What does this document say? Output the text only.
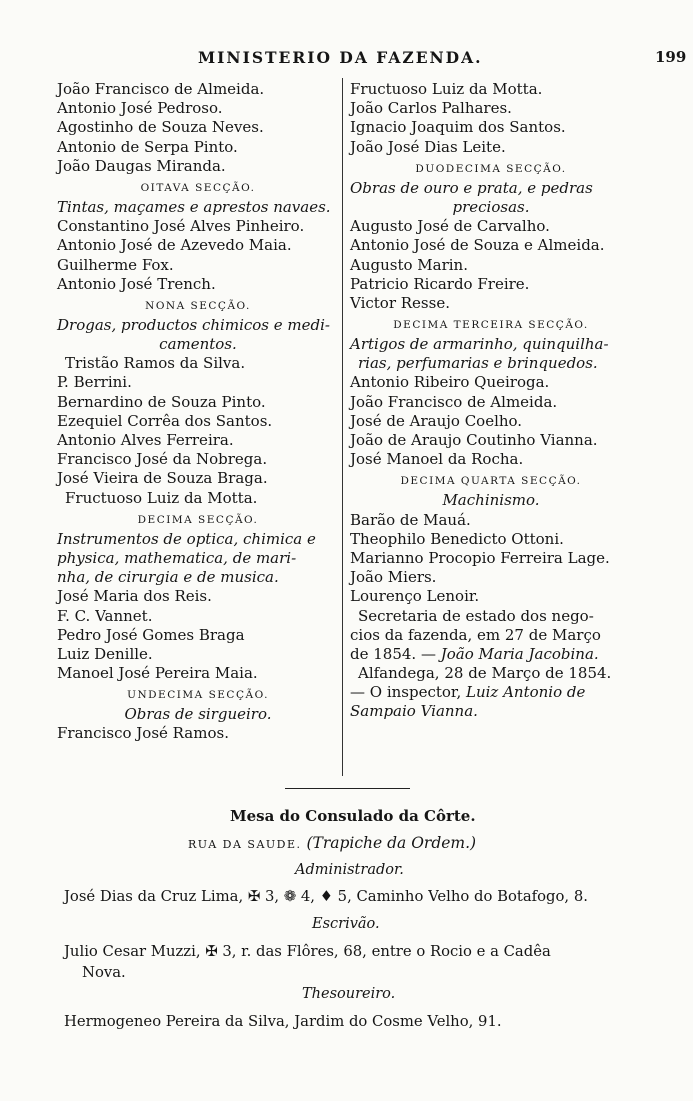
MINISTERIO DA FAZENDA.	199
João Francisco de Almeida.
Antonio José Pedroso.
Agostinho de Souza Neves.
Antonio de Serpa Pinto.
João Daugas Miranda.
OITAVA SECÇÃO.
Tintas, maçames e aprestos navaes.
Constantino José Alves Pinheiro.
Antonio José de Azevedo Maia.
Guilherme Fox.
Antonio José Trench.
NONA SECÇÃO.
Drogas, productos chimicos e medi-
camentos.
Tristão Ramos da Silva.
P. Berrini.
Bernardino de Souza Pinto.
Ezequiel Corrêa dos Santos.
Antonio Alves Ferreira.
Francisco José da Nobrega.
José Vieira de Souza Braga.
Fructuoso Luiz da Motta.
DECIMA SECÇÃO.
Instrumentos de optica, chimica e
physica, mathematica, de mari-
nha, de cirurgia e de musica.
José Maria dos Reis.
F. C. Vannet.
Pedro José Gomes Braga
Luiz Denille.
Manoel José Pereira Maia.
UNDECIMA SECÇÃO.
Obras de sirgueiro.
Francisco José Ramos.
Fructuoso Luiz da Motta.
João Carlos Palhares.
Ignacio Joaquim dos Santos.
João José Dias Leite.
DUODECIMA SECÇÃO.
Obras de ouro e prata, e pedras
preciosas.
Augusto José de Carvalho.
Antonio José de Souza e Almeida.
Augusto Marin.
Patricio Ricardo Freire.
Victor Resse.
DECIMA TERCEIRA SECÇÃO.
Artigos de armarinho, quinquilha-
rias, perfumarias e brinquedos.
Antonio Ribeiro Queiroga.
João Francisco de Almeida.
José de Araujo Coelho.
João de Araujo Coutinho Vianna.
José Manoel da Rocha.
DECIMA QUARTA SECÇÃO.
Machinismo.
Barão de Mauá.
Theophilo Benedicto Ottoni.
Marianno Procopio Ferreira Lage.
João Miers.
Lourenço Lenoir.
Secretaria de estado dos nego-
cios da fazenda, em 27 de Março
de 1854. — João Maria Jacobina.
Alfandega, 28 de Março de 1854.
— O inspector, Luiz Antonio de
Sampaio Vianna.
Mesa do Consulado da Côrte.
RUA DA SAUDE. (Trapiche da Ordem.)
Administrador.
José Dias da Cruz Lima, ✠ 3, ❁ 4, ♦ 5, Caminho Velho do Botafogo, 8.
Escrivão.
Julio Cesar Muzzi, ✠ 3, r. das Flôres, 68, entre o Rocio e a Cadêa
Nova.
Thesoureiro.
Hermogeneo Pereira da Silva, Jardim do Cosme Velho, 91.
